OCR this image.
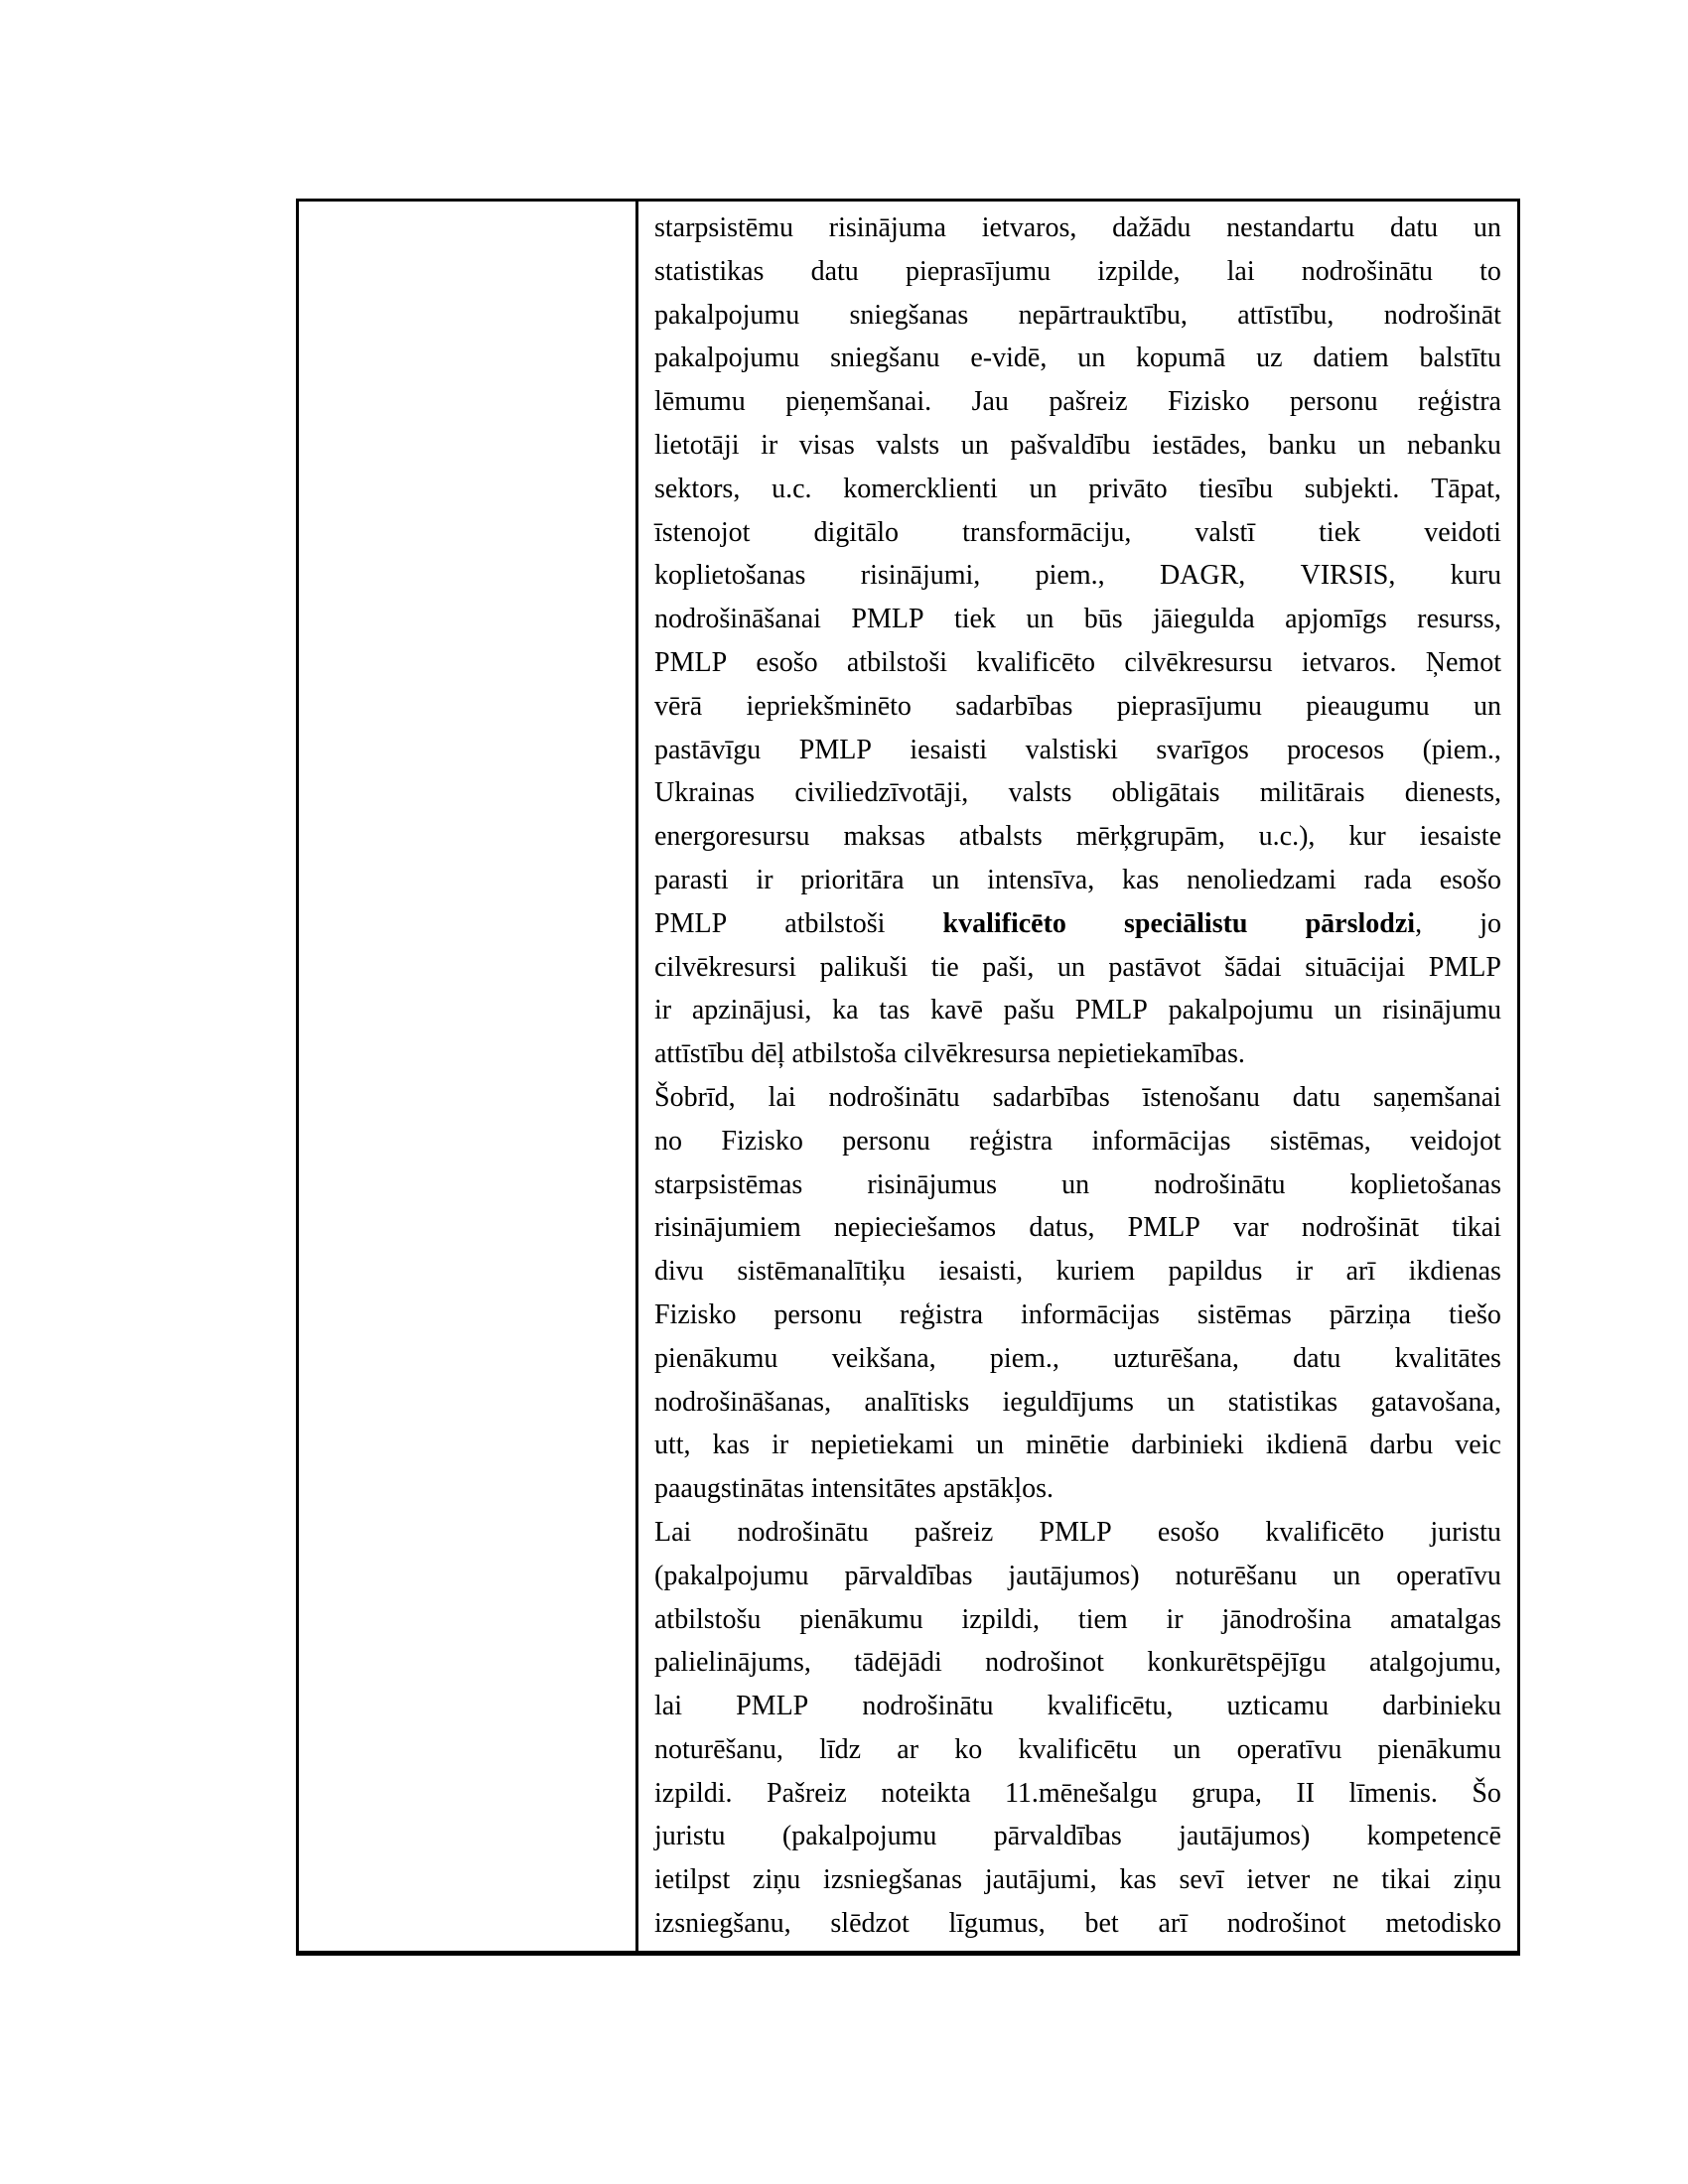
starpsistēmu risinājuma ietvaros, dažādu nestandartu datu un
statistikas datu pieprasījumu izpilde, lai nodrošinātu to
pakalpojumu sniegšanas nepārtrauktību, attīstību, nodrošināt
pakalpojumu sniegšanu e-vidē, un kopumā uz datiem balstītu
lēmumu pieņemšanai. Jau pašreiz Fizisko personu reģistra
lietotāji ir visas valsts un pašvaldību iestādes, banku un nebanku
sektors, u.c. komercklienti un privāto tiesību subjekti. Tāpat,
īstenojot digitālo transformāciju, valstī tiek veidoti
koplietošanas risinājumi, piem., DAGR, VIRSIS, kuru
nodrošināšanai PMLP tiek un būs jāiegulda apjomīgs resurss,
PMLP esošo atbilstoši kvalificēto cilvēkresursu ietvaros. Ņemot
vērā iepriekšminēto sadarbības pieprasījumu pieaugumu un
pastāvīgu PMLP iesaisti valstiski svarīgos procesos (piem.,
Ukrainas civiliedzīvotāji, valsts obligātais militārais dienests,
energoresursu maksas atbalsts mērķgrupām, u.c.), kur iesaiste
parasti ir prioritāra un intensīva, kas nenoliedzami rada esošo
PMLP atbilstoši kvalificēto speciālistu pārslodzi, jo
cilvēkresursi palikuši tie paši, un pastāvot šādai situācijai PMLP
ir apzinājusi, ka tas kavē pašu PMLP pakalpojumu un risinājumu
attīstību dēļ atbilstoša cilvēkresursa nepietiekamības.
Šobrīd, lai nodrošinātu sadarbības īstenošanu datu saņemšanai
no Fizisko personu reģistra informācijas sistēmas, veidojot
starpsistēmas risinājumus un nodrošinātu koplietošanas
risinājumiem nepieciešamos datus, PMLP var nodrošināt tikai
divu sistēmanalītiķu iesaisti, kuriem papildus ir arī ikdienas
Fizisko personu reģistra informācijas sistēmas pārziņa tiešo
pienākumu veikšana, piem., uzturēšana, datu kvalitātes
nodrošināšanas, analītisks ieguldījums un statistikas gatavošana,
utt, kas ir nepietiekami un minētie darbinieki ikdienā darbu veic
paaugstinātas intensitātes apstākļos.
Lai nodrošinātu pašreiz PMLP esošo kvalificēto juristu
(pakalpojumu pārvaldības jautājumos) noturēšanu un operatīvu
atbilstošu pienākumu izpildi, tiem ir jānodrošina amatalgas
palielinājums, tādējādi nodrošinot konkurētspējīgu atalgojumu,
lai PMLP nodrošinātu kvalificētu, uzticamu darbinieku
noturēšanu, līdz ar ko kvalificētu un operatīvu pienākumu
izpildi. Pašreiz noteikta 11.mēnešalgu grupa, II līmenis. Šo
juristu (pakalpojumu pārvaldības jautājumos) kompetencē
ietilpst ziņu izsniegšanas jautājumi, kas sevī ietver ne tikai ziņu
izsniegšanu, slēdzot līgumus, bet arī nodrošinot metodisko
